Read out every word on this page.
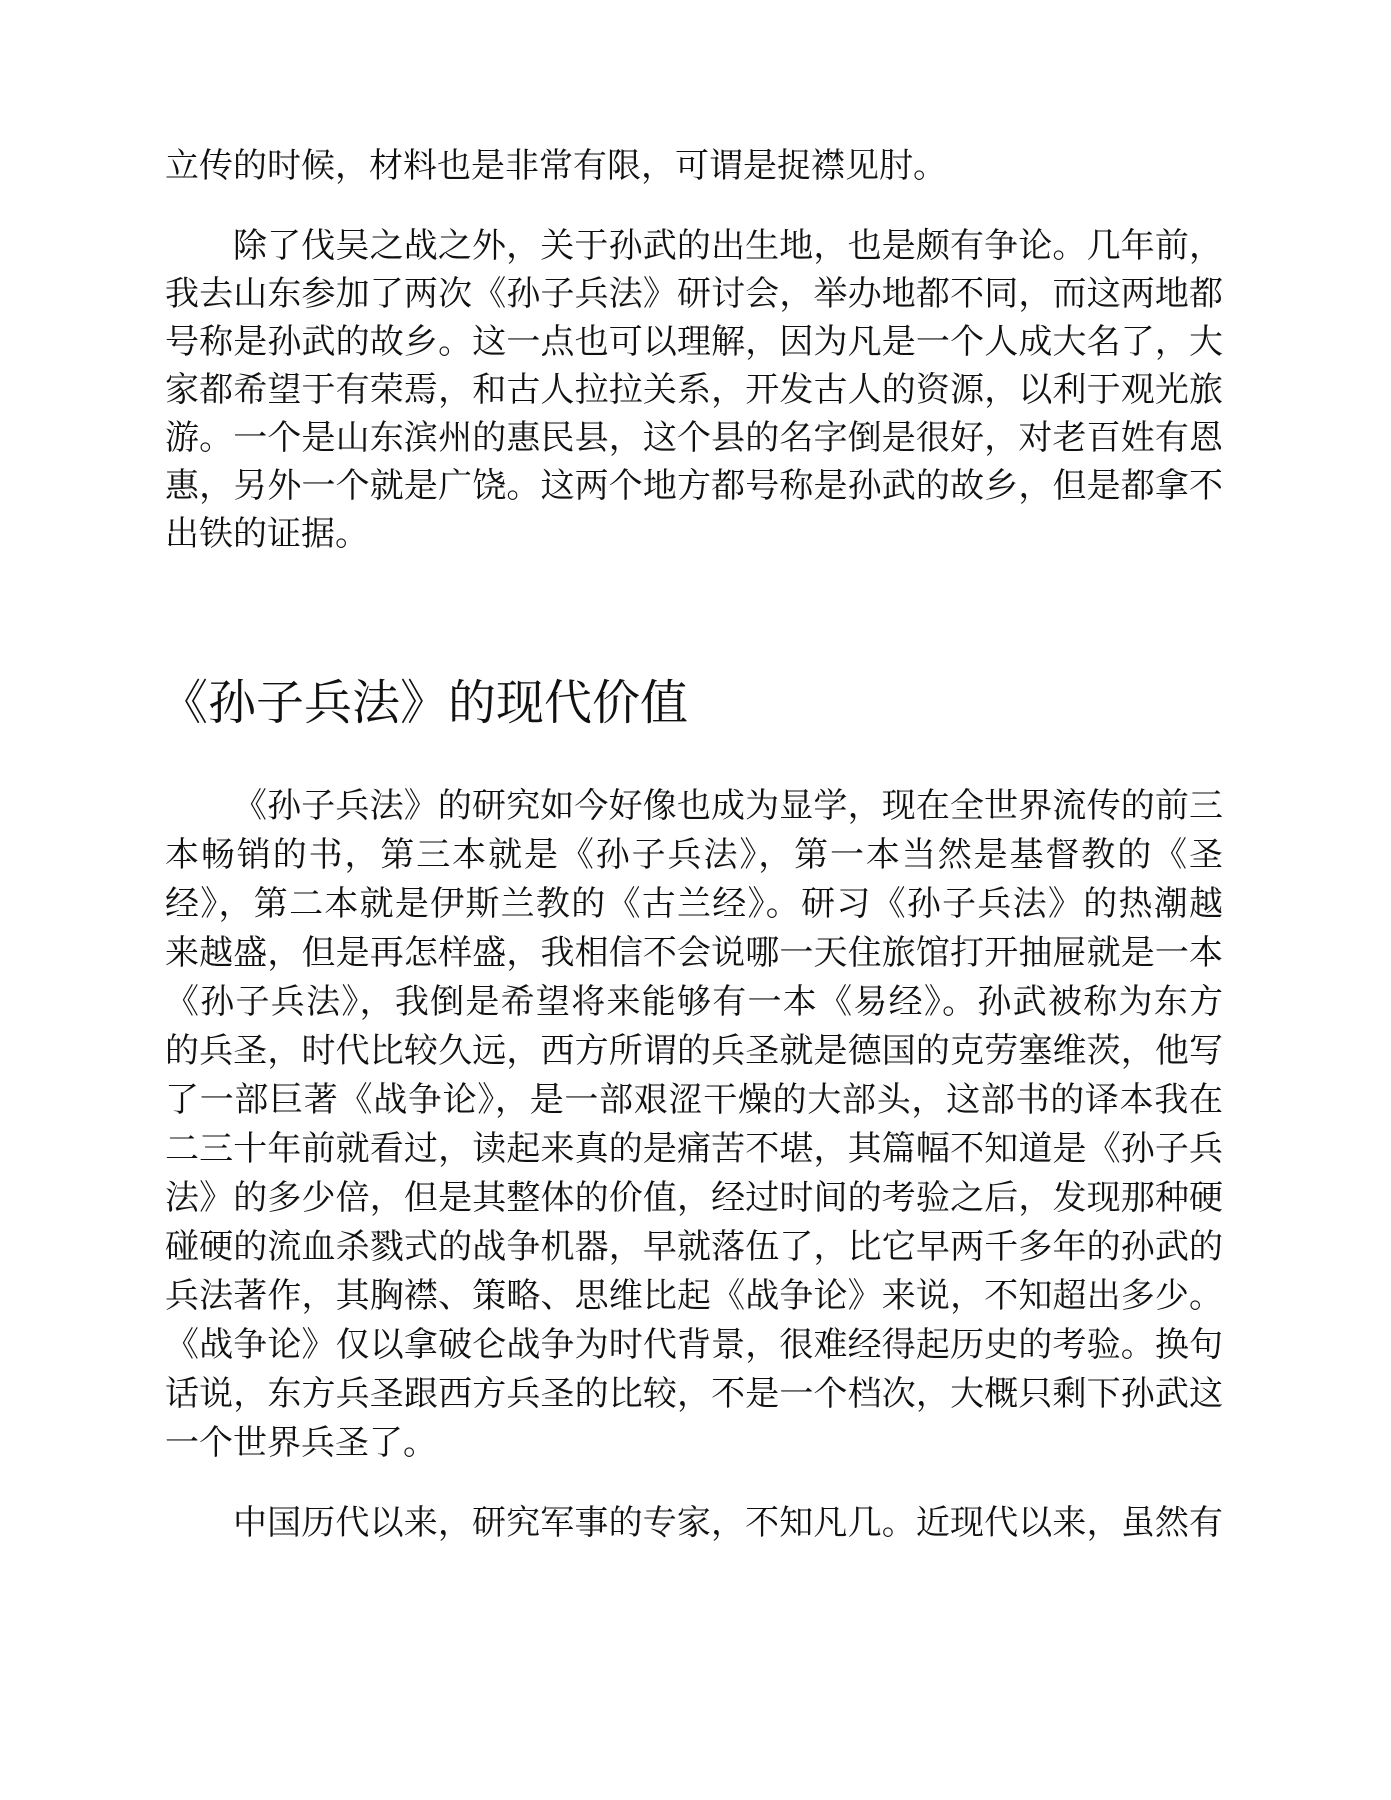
立传的时候，材料也是非常有限，可谓是捉襟见肘。
除了伐吴之战之外，关于孙武的出生地，也是颇有争论。几年前，
我去山东参加了两次《孙子兵法》研讨会，举办地都不同，而这两地都
号称是孙武的故乡。这一点也可以理解，因为凡是一个人成大名了，大
家都希望于有荣焉，和古人拉拉关系，开发古人的资源，以利于观光旅
游。一个是山东滨州的惠民县，这个县的名字倒是很好，对老百姓有恩
惠，另外一个就是广饶。这两个地方都号称是孙武的故乡，但是都拿不
出铁的证据。
《孙子兵法》的现代价值
《孙子兵法》的研究如今好像也成为显学，现在全世界流传的前三
本畅销的书，第三本就是《孙子兵法》，第一本当然是基督教的《圣
经》，第二本就是伊斯兰教的《古兰经》。研习《孙子兵法》的热潮越
来越盛，但是再怎样盛，我相信不会说哪一天住旅馆打开抽屉就是一本
《孙子兵法》，我倒是希望将来能够有一本《易经》。孙武被称为东方
的兵圣，时代比较久远，西方所谓的兵圣就是德国的克劳塞维茨，他写
了一部巨著《战争论》，是一部艰涩干燥的大部头，这部书的译本我在
二三十年前就看过，读起来真的是痛苦不堪，其篇幅不知道是《孙子兵
法》的多少倍，但是其整体的价值，经过时间的考验之后，发现那种硬
碰硬的流血杀戮式的战争机器，早就落伍了，比它早两千多年的孙武的
兵法著作，其胸襟、策略、思维比起《战争论》来说，不知超出多少。
《战争论》仅以拿破仑战争为时代背景，很难经得起历史的考验。换句
话说，东方兵圣跟西方兵圣的比较，不是一个档次，大概只剩下孙武这
一个世界兵圣了。
中国历代以来，研究军事的专家，不知凡几。近现代以来，虽然有
